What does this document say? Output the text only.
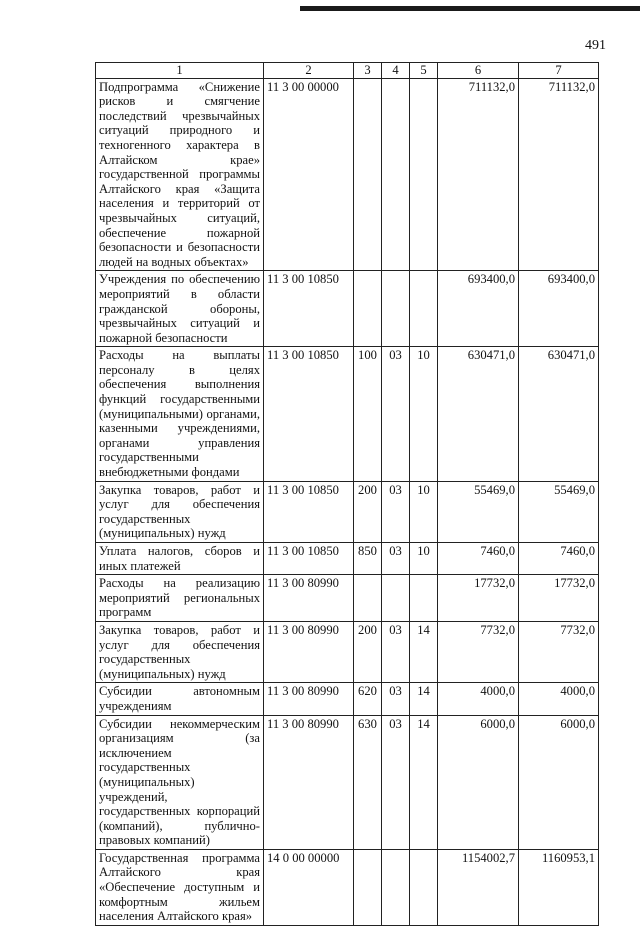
491
1	2	3	4	5	6	7
Подпрограмма «Снижение рисков и смягчение последствий чрезвычайных ситуаций природного и техногенного характера в Алтайском крае» государственной программы Алтайского края «Защита населения и территорий от чрезвычайных ситуаций, обеспечение пожарной безопасности и безопасности людей на водных объектах»	11 3 00 00000				711132,0	711132,0
Учреждения по обеспечению мероприятий в области гражданской обороны, чрезвычайных ситуаций и пожарной безопасности	11 3 00 10850				693400,0	693400,0
Расходы на выплаты персоналу в целях обеспечения выполнения функций государственными (муниципальными) органами, казенными учреждениями, органами управления государственными внебюджетными фондами	11 3 00 10850	100	03	10	630471,0	630471,0
Закупка товаров, работ и услуг для обеспечения государственных (муниципальных) нужд	11 3 00 10850	200	03	10	55469,0	55469,0
Уплата налогов, сборов и иных платежей	11 3 00 10850	850	03	10	7460,0	7460,0
Расходы на реализацию мероприятий региональных программ	11 3 00 80990				17732,0	17732,0
Закупка товаров, работ и услуг для обеспечения государственных (муниципальных) нужд	11 3 00 80990	200	03	14	7732,0	7732,0
Субсидии автономным учреждениям	11 3 00 80990	620	03	14	4000,0	4000,0
Субсидии некоммерческим организациям (за исключением государственных (муниципальных) учреждений, государственных корпораций (компаний), публично-правовых компаний)	11 3 00 80990	630	03	14	6000,0	6000,0
Государственная программа Алтайского края «Обеспечение доступным и комфортным жильем населения Алтайского края»	14 0 00 00000				1154002,7	1160953,1
